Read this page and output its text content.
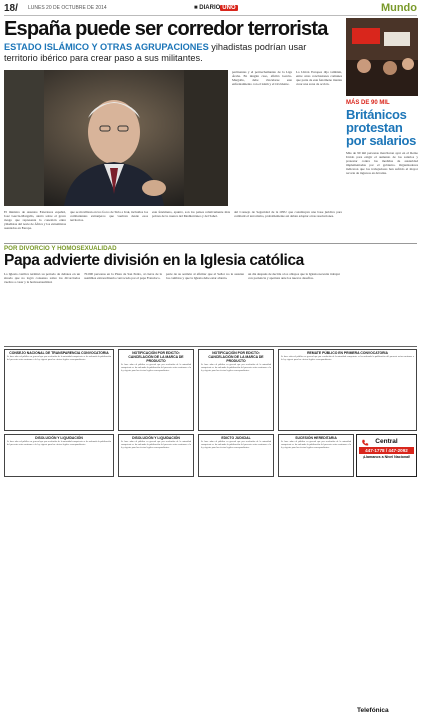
18/ LUNES 20 DE OCTUBRE DE 2014	■ DIARIO UNO	Mundo
España puede ser corredor terrorista
ESTADO ISLÁMICO Y OTRAS AGRUPACIONES yihadistas podrían usar
territorio ibérico para crear paso a sus militantes.
El ministro de Asuntos Exteriores español, José García-Margallo, alertó sobre el grave riesgo que representa la conexión entre yihadistas del norte de África y los extremistas asentados en Europa.
pertinentes y el pertrechamiento de la Liga Árabe. En ningún caso, afirmó García-Margallo, debe vincularse este enfrentamiento con el islam y el Occidente.
La Unión Europea dijo también, entre otras conclusiones comunes que parte de este fenómeno intenta crear una zona de acción.
que se movilizan en los focos de Siria e Irak, incluidos los combatientes extranjeros que vuelven desde esos territorios.
este fenómeno, apuntó, son los países relativamente más pobres de la cuenca del Mediterráneo y del Sahel.
del Consejo de Seguridad de la ONU que constituyen una base jurídica para combatir el terrorismo, probablemente así deban adoptar otras resoluciones.
MÁS DE 90 MIL
Británicos protestan por salarios
Más de 90 mil personas marcharon ayer en el Reino Unido para exigir el aumento de los salarios y protestar contra las medidas de austeridad implementadas por el gobierno. Organizadores indicaron que los trabajadores han sufrido el mayor recorte de ingresos en décadas.
POR DIVORCIO Y HOMOSEXUALIDAD
Papa advierte división en la Iglesia católica
La Iglesia católica terminó su periodo de debates en un sínodo que no logró consenso sobre los divorciados vueltos a casar y la homosexualidad.
70.000 personas en la Plaza de San Pedro, al cierre de la asamblea extraordinaria convocada por el papa Francisco.
parte de su sermón al afirmar que al Señor no le asustan los cambios y que la Iglesia debe estar abierta.
un día después de decirle a los obispos que la Iglesia necesita trabajar con paciencia y apertura ante los nuevos desafíos.
CONSEJO NACIONAL DE TRANSPARENCIA CONVOCATORIA
Se hace saber al público en general que por resolución de la autoridad competente se ha ordenado la publicación del presente aviso conforme a la ley vigente para los efectos legales correspondientes.
NOTIFICACIÓN POR EDICTO: CANCELACIÓN DE LA MARCA DE PRODUCTO
Se hace saber al público en general que por resolución de la autoridad competente se ha ordenado la publicación del presente aviso conforme a la ley vigente para los efectos legales correspondientes.
NOTIFICACIÓN POR EDICTO: CANCELACIÓN DE LA MARCA DE PRODUCTO
Se hace saber al público en general que por resolución de la autoridad competente se ha ordenado la publicación del presente aviso conforme a la ley vigente para los efectos legales correspondientes.
REMATE PÚBLICO EN PRIMERA CONVOCATORIA
Se hace saber al público en general que por resolución de la autoridad competente se ha ordenado la publicación del presente aviso conforme a la ley vigente para los efectos legales correspondientes.
DISOLUCIÓN Y LIQUIDACIÓN
Se hace saber al público en general que por resolución de la autoridad competente se ha ordenado la publicación del presente aviso conforme a la ley vigente para los efectos legales correspondientes.
DISOLUCIÓN Y LIQUIDACIÓN
Se hace saber al público en general que por resolución de la autoridad competente se ha ordenado la publicación del presente aviso conforme a la ley vigente para los efectos legales correspondientes.
EDICTO JUDICIAL
Se hace saber al público en general que por resolución de la autoridad competente se ha ordenado la publicación del presente aviso conforme a la ley vigente para los efectos legales correspondientes.
SUCESIÓN HEREDITARIA
Se hace saber al público en general que por resolución de la autoridad competente se ha ordenado la publicación del presente aviso conforme a la ley vigente para los efectos legales correspondientes.
Central
Telefónica
447-1778 / 447-2092
¡Llamanos a Nivel Nacional!
